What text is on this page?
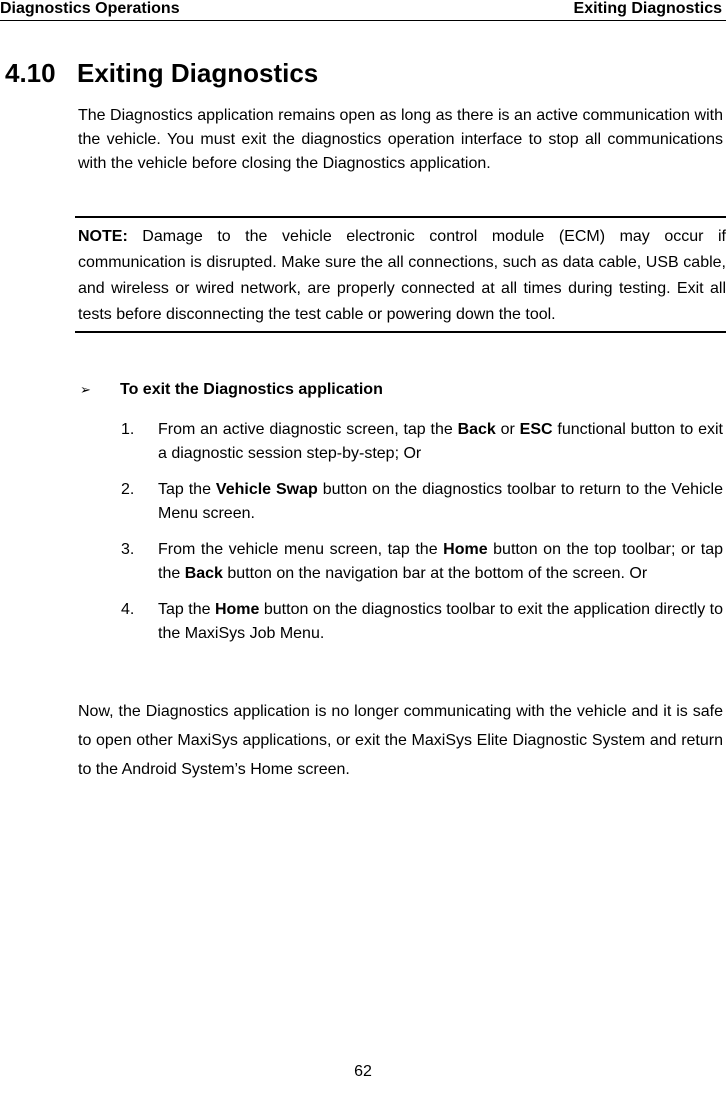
Diagnostics Operations	Exiting Diagnostics
4.10 Exiting Diagnostics
The Diagnostics application remains open as long as there is an active communication with the vehicle. You must exit the diagnostics operation interface to stop all communications with the vehicle before closing the Diagnostics application.
NOTE: Damage to the vehicle electronic control module (ECM) may occur if communication is disrupted. Make sure the all connections, such as data cable, USB cable, and wireless or wired network, are properly connected at all times during testing. Exit all tests before disconnecting the test cable or powering down the tool.
➢ To exit the Diagnostics application
1. From an active diagnostic screen, tap the Back or ESC functional button to exit a diagnostic session step-by-step; Or
2. Tap the Vehicle Swap button on the diagnostics toolbar to return to the Vehicle Menu screen.
3. From the vehicle menu screen, tap the Home button on the top toolbar; or tap the Back button on the navigation bar at the bottom of the screen. Or
4. Tap the Home button on the diagnostics toolbar to exit the application directly to the MaxiSys Job Menu.
Now, the Diagnostics application is no longer communicating with the vehicle and it is safe to open other MaxiSys applications, or exit the MaxiSys Elite Diagnostic System and return to the Android System’s Home screen.
62
